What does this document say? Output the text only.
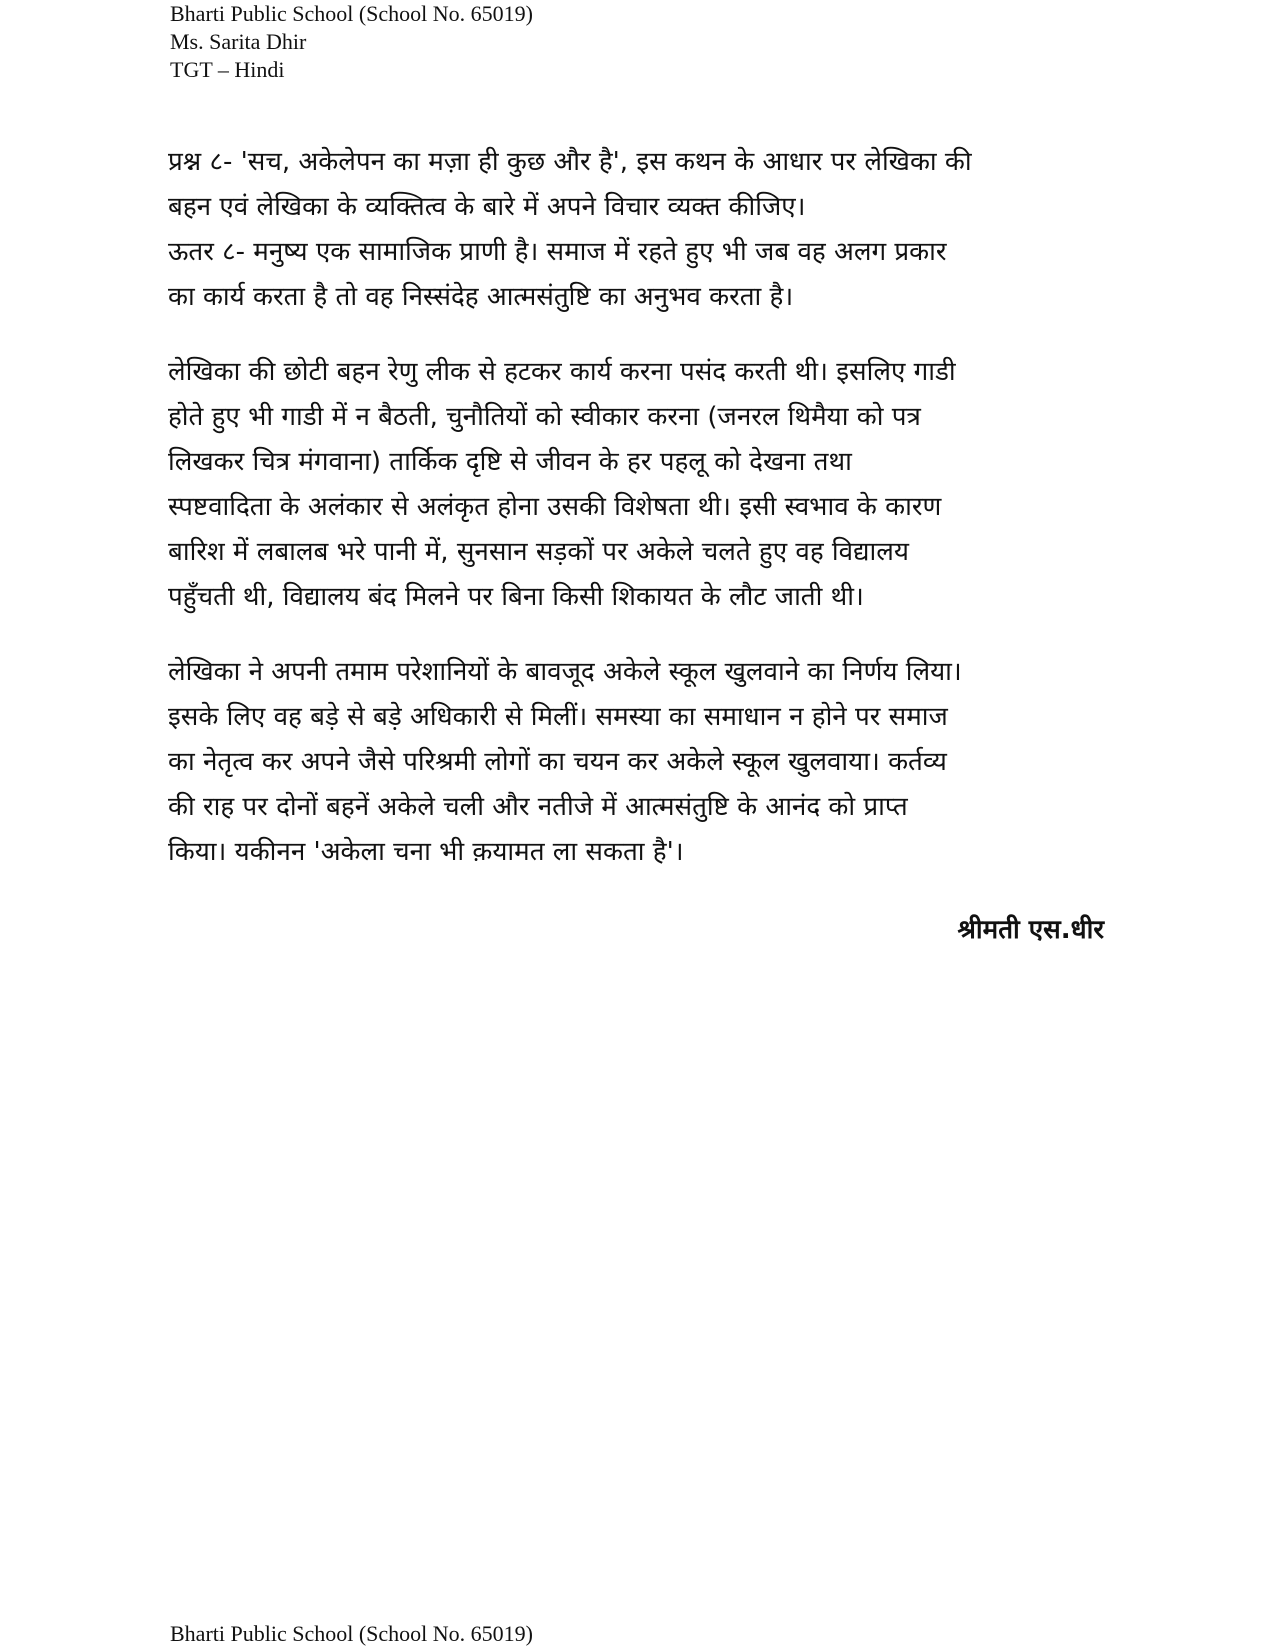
Bharti Public School (School No. 65019)
Ms. Sarita Dhir
TGT – Hindi
प्रश्न ८- 'सच, अकेलेपन का मज़ा ही कुछ और है', इस कथन के आधार पर लेखिका की
बहन एवं लेखिका के व्यक्तित्व के बारे में अपने विचार व्यक्त कीजिए।
ऊतर ८- मनुष्य एक सामाजिक प्राणी है। समाज में रहते हुए भी जब वह अलग प्रकार
का कार्य करता है तो वह निस्संदेह आत्मसंतुष्टि का अनुभव करता है।
लेखिका की छोटी बहन रेणु लीक से हटकर कार्य करना पसंद करती थी। इसलिए गाडी
होते हुए भी गाडी में न बैठती, चुनौतियों को स्वीकार करना (जनरल थिमैया को पत्र
लिखकर चित्र मंगवाना) तार्किक दृष्टि से जीवन के हर पहलू को देखना तथा
स्पष्टवादिता के अलंकार से अलंकृत होना उसकी विशेषता थी। इसी स्वभाव के कारण
बारिश में लबालब भरे पानी में, सुनसान सड़कों पर अकेले चलते हुए वह विद्यालय
पहुँचती थी, विद्यालय बंद मिलने पर बिना किसी शिकायत के लौट जाती थी।
लेखिका ने अपनी तमाम परेशानियों के बावजूद अकेले स्कूल खुलवाने का निर्णय लिया।
इसके लिए वह बड़े से बड़े अधिकारी से मिलीं। समस्या का समाधान न होने पर समाज
का नेतृत्व कर अपने जैसे परिश्रमी लोगों का चयन कर अकेले स्कूल खुलवाया। कर्तव्य
की राह पर दोनों बहनें अकेले चली और नतीजे में आत्मसंतुष्टि के आनंद को प्राप्त
किया। यकीनन 'अकेला चना भी क़यामत ला सकता है'।
श्रीमती एस.धीर
Bharti Public School (School No. 65019)
